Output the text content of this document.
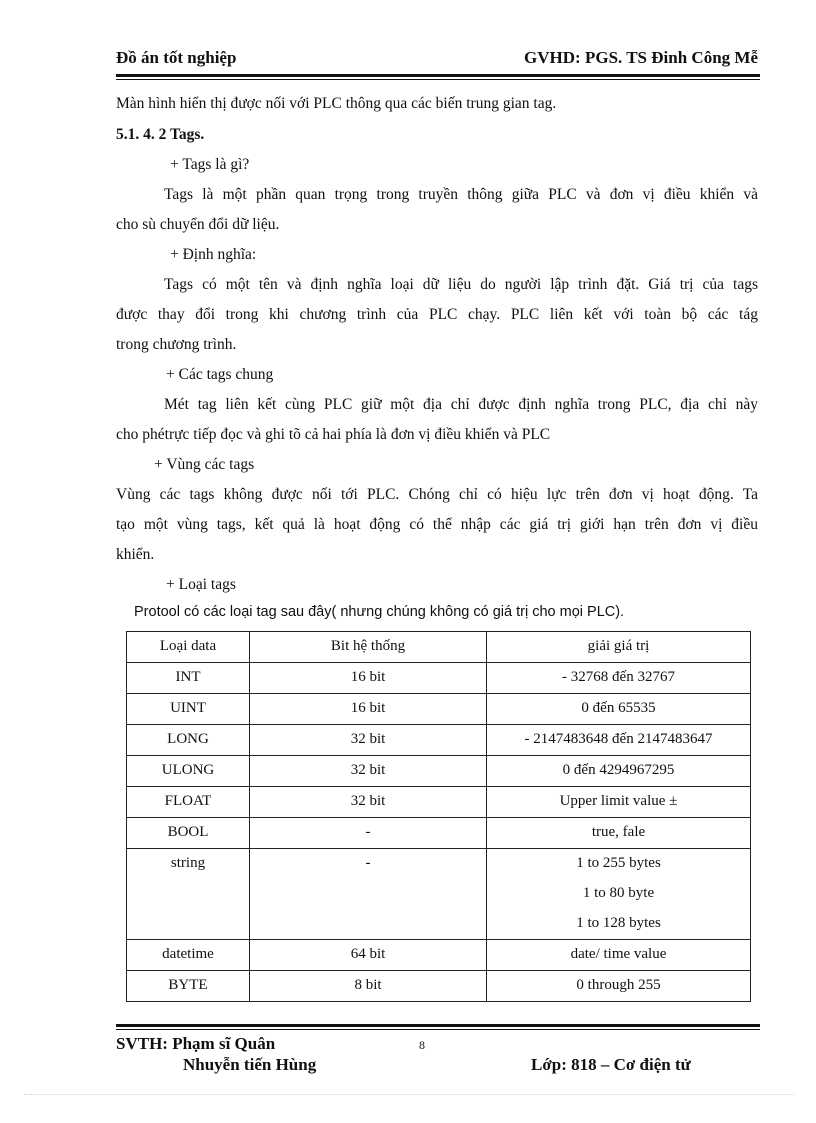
Đồ án tốt nghiệp	GVHD: PGS. TS Đinh Công Mễ
Màn hình hiển thị được nối với PLC thông qua các biến trung gian tag.
5.1. 4. 2 Tags.
+ Tags là gì?
Tags là một phần quan trọng trong truyền thông giữa PLC và đơn vị điều khiển và
cho sù chuyển đổi dữ liệu.
+ Định nghĩa:
Tags có một tên và định nghĩa loại dữ liệu do người lập trình đặt. Giá trị của tags
được thay đổi trong khi chương trình của PLC chạy. PLC liên kết với toàn bộ các tág
trong chương trình.
+ Các tags chung
Mét tag liên kết cùng PLC giữ một địa chỉ được định nghĩa trong PLC, địa chỉ này
cho phétrực tiếp đọc và ghi tõ cả hai phía là đơn vị điều khiển và PLC
+ Vùng các tags
Vùng các tags không được nối tới PLC. Chóng chỉ có hiệu lực trên đơn vị hoạt động. Ta
tạo một vùng tags, kết quả là hoạt động có thể nhập các giá trị giới hạn trên đơn vị điều
khiển.
+ Loại tags
Protool có các loại tag sau đây( nhưng chúng không có giá trị cho mọi PLC).
Loại data	Bit hệ thống	giải giá trị
INT	16 bit	- 32768 đến 32767
UINT	16 bit	0 đến 65535
LONG	32 bit	- 2147483648 đến 2147483647
ULONG	32 bit	0 đến 4294967295
FLOAT	32 bit	Upper limit value ±
BOOL	-	true, fale
string	-	1 to 255 bytes
1 to 80 byte
1 to 128 bytes

datetime	64 bit	date/ time value
BYTE	8 bit	0 through 255
SVTH: Phạm sĩ Quân
Nhuyễn tiến Hùng
8
Lớp: 818 – Cơ điện tử
